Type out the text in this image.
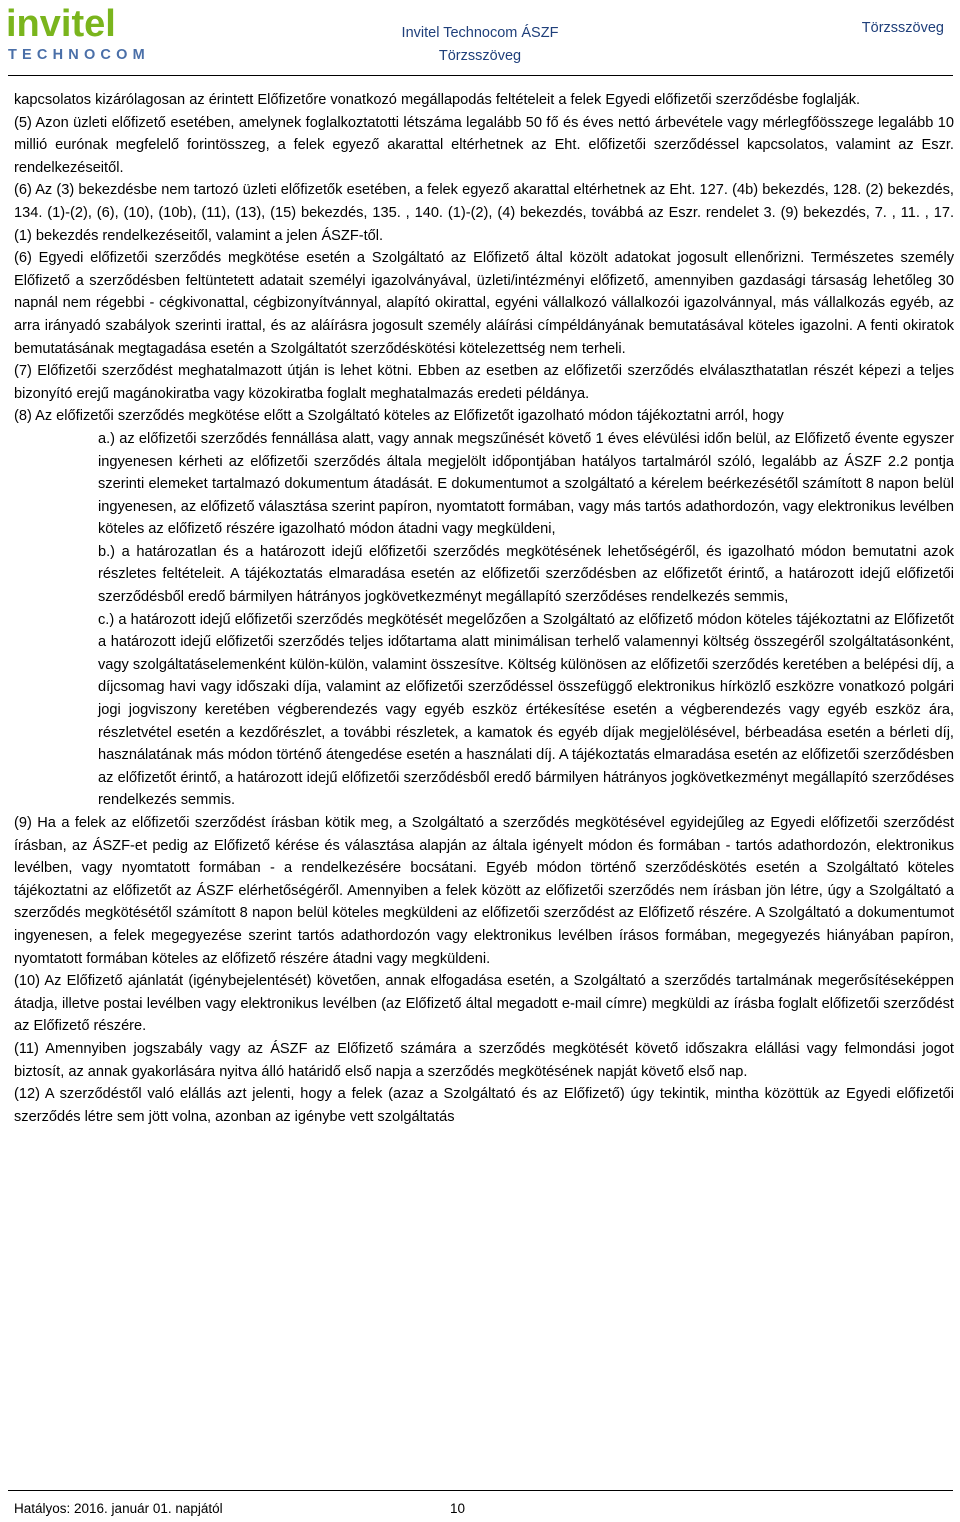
invitel
TECHNOCOM
Invitel Technocom ÁSZF
Törzsszöveg
Törzsszöveg

kapcsolatos kizárólagosan az érintett Előfizetőre vonatkozó megállapodás feltételeit a felek Egyedi előfizetői szerződésbe foglalják.

(5) Azon üzleti előfizető esetében, amelynek foglalkoztatotti létszáma legalább 50 fő és éves nettó árbevétele vagy mérlegfőösszege legalább 10 millió eurónak megfelelő forintösszeg, a felek egyező akarattal eltérhetnek az Eht. előfizetői szerződéssel kapcsolatos, valamint az Eszr. rendelkezéseitől.

(6) Az (3) bekezdésbe nem tartozó üzleti előfizetők esetében, a felek egyező akarattal eltérhetnek az Eht. 127. (4b) bekezdés, 128. (2) bekezdés, 134. (1)-(2), (6), (10), (10b), (11), (13), (15) bekezdés, 135. , 140. (1)-(2), (4) bekezdés, továbbá az Eszr. rendelet 3. (9) bekezdés, 7. , 11. , 17. (1) bekezdés rendelkezéseitől, valamint a jelen ÁSZF-től.

(6) Egyedi előfizetői szerződés megkötése esetén a Szolgáltató az Előfizető által közölt adatokat jogosult ellenőrizni. Természetes személy Előfizető a szerződésben feltüntetett adatait személyi igazolványával, üzleti/intézményi előfizető, amennyiben gazdasági társaság lehetőleg 30 napnál nem régebbi - cégkivonattal, cégbizonyítvánnyal, alapító okirattal, egyéni vállalkozó vállalkozói igazolvánnyal, más vállalkozás egyéb, az arra irányadó szabályok szerinti irattal, és az aláírásra jogosult személy aláírási címpéldányának bemutatásával köteles igazolni. A fenti okiratok bemutatásának megtagadása esetén a Szolgáltatót szerződéskötési kötelezettség nem terheli.

(7) Előfizetői szerződést meghatalmazott útján is lehet kötni. Ebben az esetben az előfizetői szerződés elválaszthatatlan részét képezi a teljes bizonyító erejű magánokiratba vagy közokiratba foglalt meghatalmazás eredeti példánya.

(8) Az előfizetői szerződés megkötése előtt a Szolgáltató köteles az Előfizetőt igazolható módon tájékoztatni arról, hogy

a.) az előfizetői szerződés fennállása alatt, vagy annak megszűnését követő 1 éves elévülési időn belül, az Előfizető évente egyszer ingyenesen kérheti az előfizetői szerződés általa megjelölt időpontjában hatályos tartalmáról szóló, legalább az ÁSZF 2.2 pontja szerinti elemeket tartalmazó dokumentum átadását. E dokumentumot a szolgáltató a kérelem beérkezésétől számított 8 napon belül ingyenesen, az előfizető választása szerint papíron, nyomtatott formában, vagy más tartós adathordozón, vagy elektronikus levélben köteles az előfizető részére igazolható módon átadni vagy megküldeni,

b.) a határozatlan és a határozott idejű előfizetői szerződés megkötésének lehetőségéről, és igazolható módon bemutatni azok részletes feltételeit. A tájékoztatás elmaradása esetén az előfizetői szerződésben az előfizetőt érintő, a határozott idejű előfizetői szerződésből eredő bármilyen hátrányos jogkövetkezményt megállapító szerződéses rendelkezés semmis,

c.) a határozott idejű előfizetői szerződés megkötését megelőzően a Szolgáltató az előfizető módon köteles tájékoztatni az Előfizetőt a határozott idejű előfizetői szerződés teljes időtartama alatt minimálisan terhelő valamennyi költség összegéről szolgáltatásonként, vagy szolgáltatáselemenként külön-külön, valamint összesítve. Költség különösen az előfizetői szerződés keretében a belépési díj, a díjcsomag havi vagy időszaki díja, valamint az előfizetői szerződéssel összefüggő elektronikus hírközlő eszközre vonatkozó polgári jogi jogviszony keretében végberendezés vagy egyéb eszköz értékesítése esetén a végberendezés vagy egyéb eszköz ára, részletvétel esetén a kezdőrészlet, a további részletek, a kamatok és egyéb díjak megjelölésével, bérbeadása esetén a bérleti díj, használatának más módon történő átengedése esetén a használati díj. A tájékoztatás elmaradása esetén az előfizetői szerződésben az előfizetőt érintő, a határozott idejű előfizetői szerződésből eredő bármilyen hátrányos jogkövetkezményt megállapító szerződéses rendelkezés semmis.

(9) Ha a felek az előfizetői szerződést írásban kötik meg, a Szolgáltató a szerződés megkötésével egyidejűleg az Egyedi előfizetői szerződést írásban, az ÁSZF-et pedig az Előfizető kérése és választása alapján az általa igényelt módon és formában - tartós adathordozón, elektronikus levélben, vagy nyomtatott formában - a rendelkezésére bocsátani. Egyéb módon történő szerződéskötés esetén a Szolgáltató köteles tájékoztatni az előfizetőt az ÁSZF elérhetőségéről. Amennyiben a felek között az előfizetői szerződés nem írásban jön létre, úgy a Szolgáltató a szerződés megkötésétől számított 8 napon belül köteles megküldeni az előfizetői szerződést az Előfizető részére. A Szolgáltató a dokumentumot ingyenesen, a felek megegyezése szerint tartós adathordozón vagy elektronikus levélben írásos formában, megegyezés hiányában papíron, nyomtatott formában köteles az előfizető részére átadni vagy megküldeni.

(10) Az Előfizető ajánlatát (igénybejelentését) követően, annak elfogadása esetén, a Szolgáltató a szerződés tartalmának megerősítéseképpen átadja, illetve postai levélben vagy elektronikus levélben (az Előfizető által megadott e-mail címre) megküldi az írásba foglalt előfizetői szerződést az Előfizető részére.

(11) Amennyiben jogszabály vagy az ÁSZF az Előfizető számára a szerződés megkötését követő időszakra elállási vagy felmondási jogot biztosít, az annak gyakorlására nyitva álló határidő első napja a szerződés megkötésének napját követő első nap.

(12) A szerződéstől való elállás azt jelenti, hogy a felek (azaz a Szolgáltató és az Előfizető) úgy tekintik, mintha közöttük az Egyedi előfizetői szerződés létre sem jött volna, azonban az igénybe vett szolgáltatás

Hatályos: 2016. január 01. napjától	10
